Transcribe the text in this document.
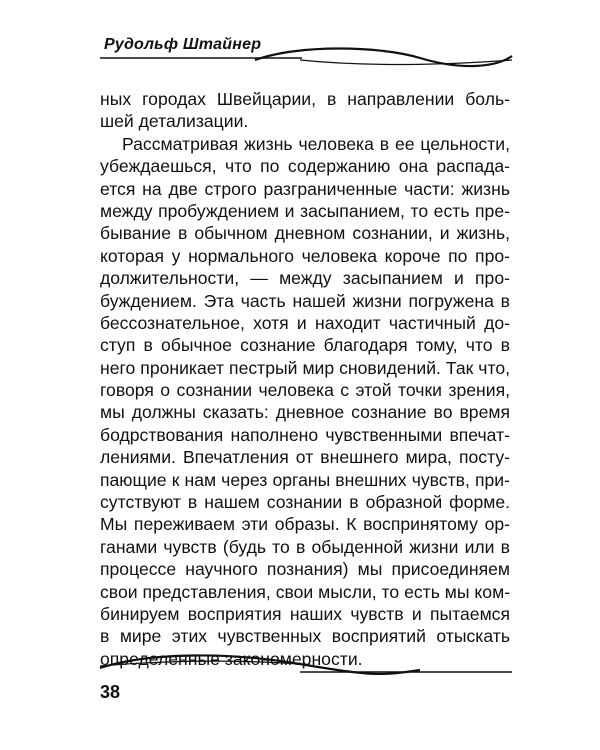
Рудольф Штайнер
ных городах Швейцарии, в направлении боль-
шей детализации.
Рассматривая жизнь человека в ее цельности,
убеждаешься, что по содержанию она распада-
ется на две строго разграниченные части: жизнь
между пробуждением и засыпанием, то есть пре-
бывание в обычном дневном сознании, и жизнь,
которая у нормального человека короче по про-
должительности, — между засыпанием и про-
буждением. Эта часть нашей жизни погружена в
бессознательное, хотя и находит частичный до-
ступ в обычное сознание благодаря тому, что в
него проникает пестрый мир сновидений. Так что,
говоря о сознании человека с этой точки зрения,
мы должны сказать: дневное сознание во время
бодрствования наполнено чувственными впечат-
лениями. Впечатления от внешнего мира, посту-
пающие к нам через органы внешних чувств, при-
сутствуют в нашем сознании в образной форме.
Мы переживаем эти образы. К воспринятому ор-
ганами чувств (будь то в обыденной жизни или в
процессе научного познания) мы присоединяем
свои представления, свои мысли, то есть мы ком-
бинируем восприятия наших чувств и пытаемся
в мире этих чувственных восприятий отыскать
определенные закономерности.
38
